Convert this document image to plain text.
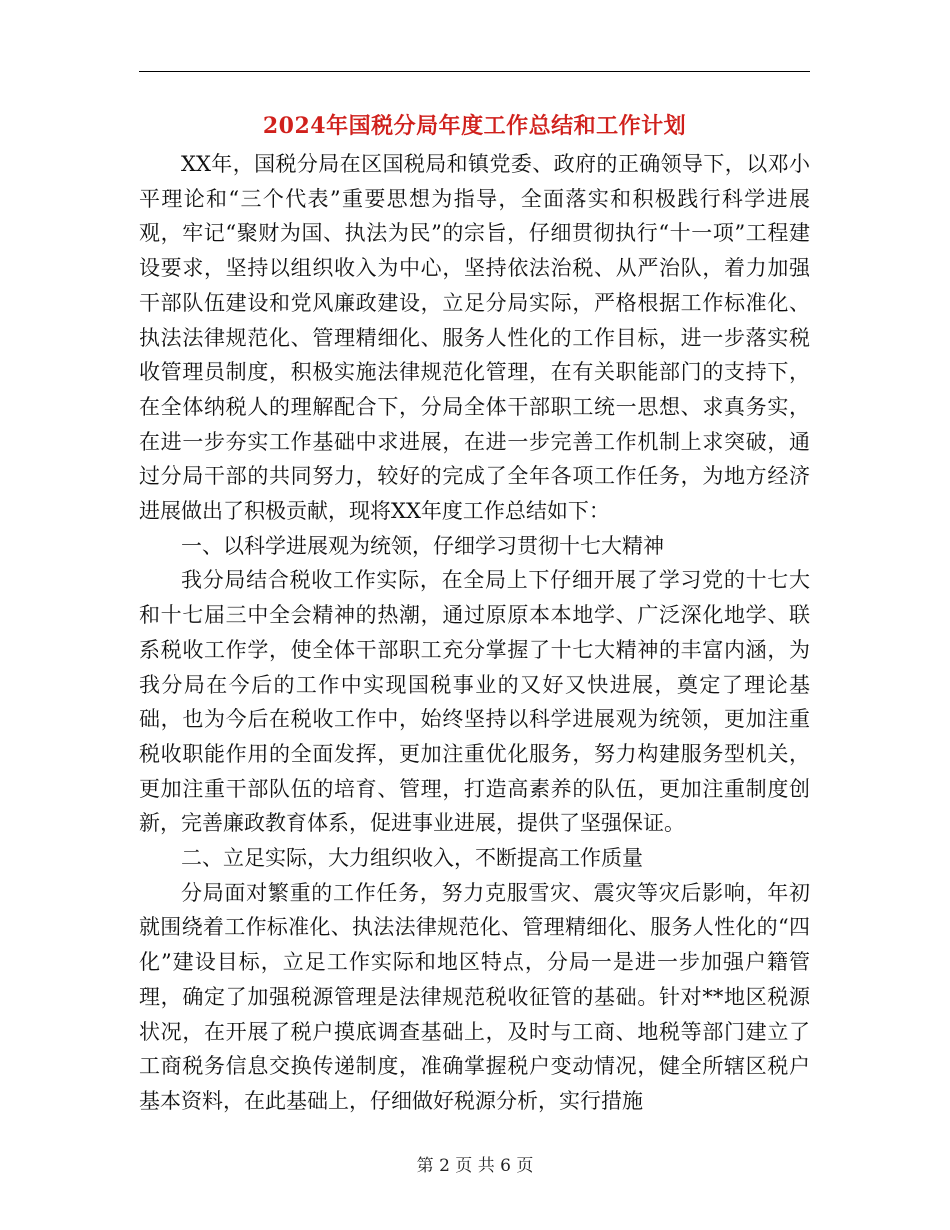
2024年国税分局年度工作总结和工作计划

XX年，国税分局在区国税局和镇党委、政府的正确领导下，以邓小平理论和“三个代表”重要思想为指导，全面落实和积极践行科学进展观，牢记“聚财为国、执法为民”的宗旨，仔细贯彻执行“十一项”工程建设要求，坚持以组织收入为中心，坚持依法治税、从严治队，着力加强干部队伍建设和党风廉政建设，立足分局实际，严格根据工作标准化、执法法律规范化、管理精细化、服务人性化的工作目标，进一步落实税收管理员制度，积极实施法律规范化管理，在有关职能部门的支持下，在全体纳税人的理解配合下，分局全体干部职工统一思想、求真务实，在进一步夯实工作基础中求进展，在进一步完善工作机制上求突破，通过分局干部的共同努力，较好的完成了全年各项工作任务，为地方经济进展做出了积极贡献，现将XX年度工作总结如下：

一、以科学进展观为统领，仔细学习贯彻十七大精神

我分局结合税收工作实际，在全局上下仔细开展了学习党的十七大和十七届三中全会精神的热潮，通过原原本本地学、广泛深化地学、联系税收工作学，使全体干部职工充分掌握了十七大精神的丰富内涵，为我分局在今后的工作中实现国税事业的又好又快进展，奠定了理论基础，也为今后在税收工作中，始终坚持以科学进展观为统领，更加注重税收职能作用的全面发挥，更加注重优化服务，努力构建服务型机关，更加注重干部队伍的培育、管理，打造高素养的队伍，更加注重制度创新，完善廉政教育体系，促进事业进展，提供了坚强保证。

二、立足实际，大力组织收入，不断提高工作质量

分局面对繁重的工作任务，努力克服雪灾、震灾等灾后影响，年初就围绕着工作标准化、执法法律规范化、管理精细化、服务人性化的“四化”建设目标，立足工作实际和地区特点，分局一是进一步加强户籍管理，确定了加强税源管理是法律规范税收征管的基础。针对**地区税源状况，在开展了税户摸底调查基础上，及时与工商、地税等部门建立了工商税务信息交换传递制度，准确掌握税户变动情况，健全所辖区税户基本资料，在此基础上，仔细做好税源分析，实行措施

第 2 页 共 6 页
